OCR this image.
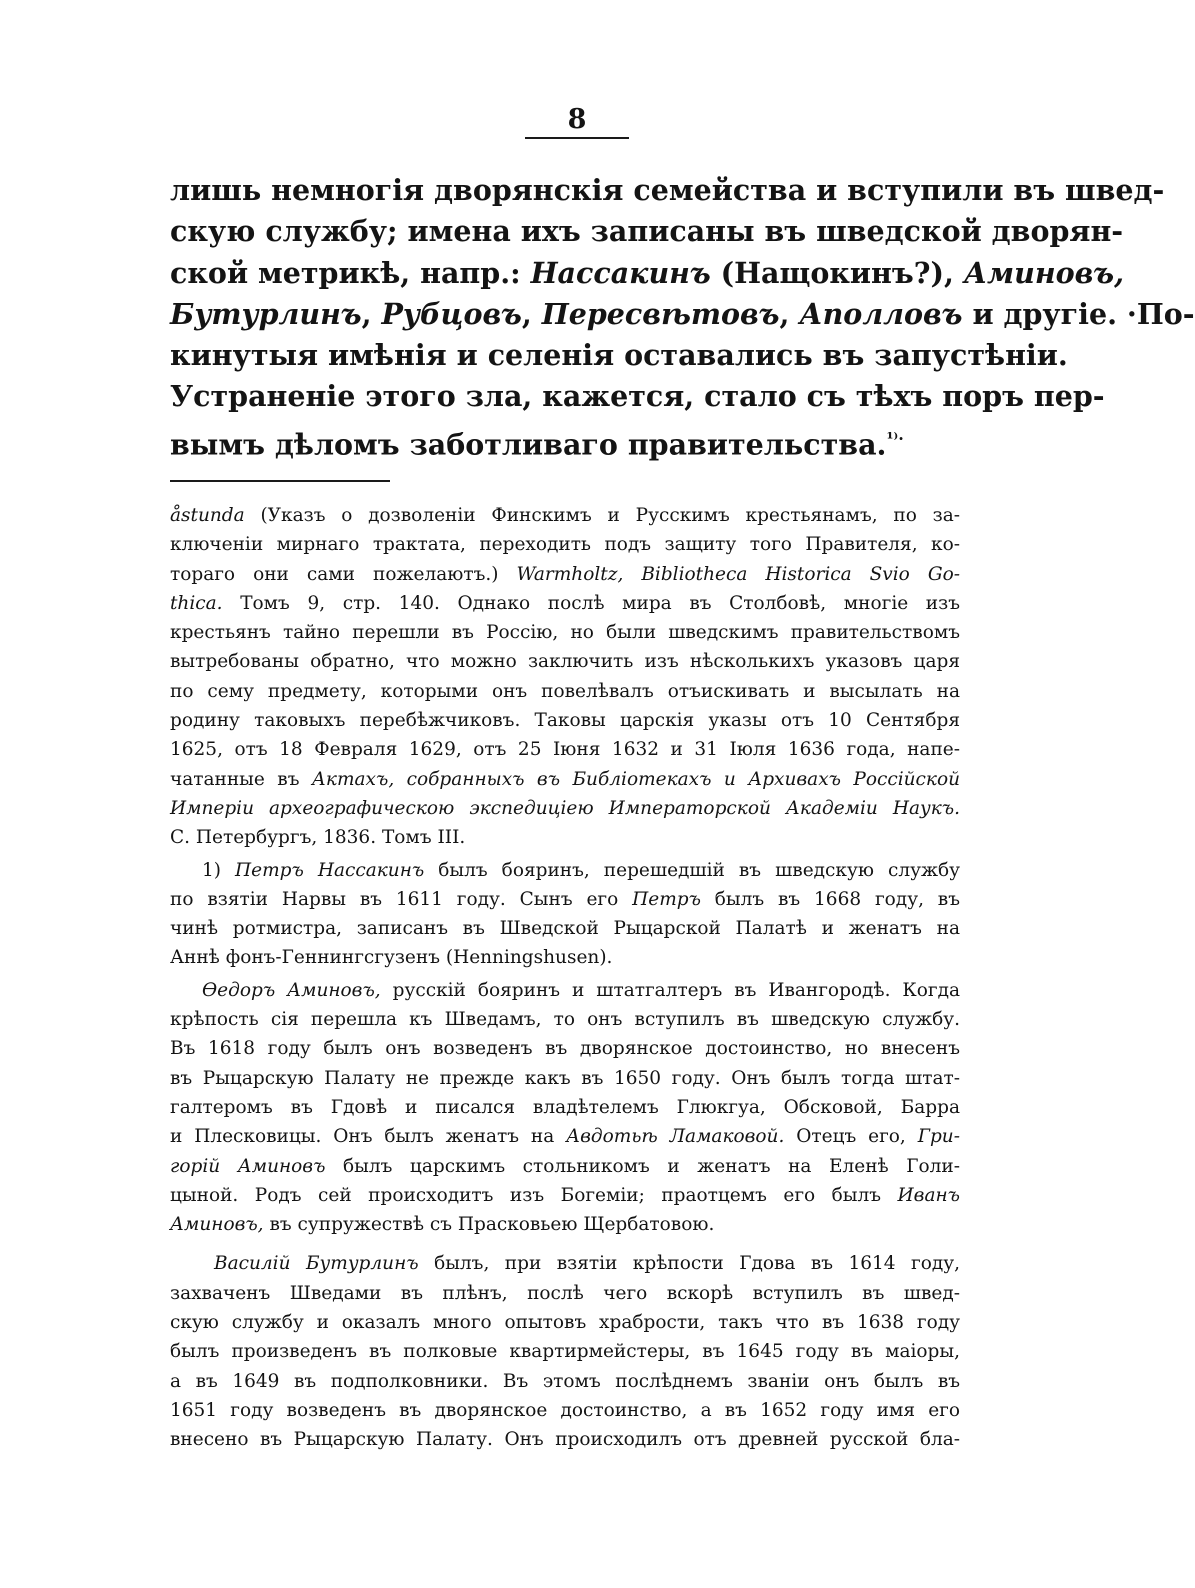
8
лишь немногія дворянскія семейства и вступили въ швед-
скую службу; имена ихъ записаны въ шведской дворян-
ской метрикѣ, напр.: Нассакинъ (Нащокинъ?), Аминовъ,
Бутурлинъ, Рубцовъ, Пересвѣтовъ, Аполловъ и другіе. ·По-
кинутыя имѣнія и селенія оставались въ запустѣніи.
Устраненіе этого зла, кажется, стало съ тѣхъ поръ пер-
вымъ дѣломъ заботливаго правительства.$^{^{1)}\cdot}$
åstunda (Указъ о дозволеніи Финскимъ и Русскимъ крестьянамъ, по за-
ключеніи мирнаго трактата, переходить подъ защиту того Правителя, ко-
тораго они сами пожелаютъ.) Warmholtz, Bibliotheca Historica Svio Go-
thica. Томъ 9, стр. 140. Однако послѣ мира въ Столбовѣ, многіе изъ
крестьянъ тайно перешли въ Россію, но были шведскимъ правительствомъ
вытребованы обратно, что можно заключить изъ нѣсколькихъ указовъ царя
по сему предмету, которыми онъ повелѣвалъ отъискивать и высылать на
родину таковыхъ перебѣжчиковъ. Таковы царскія указы отъ 10 Сентября
1625, отъ 18 Февраля 1629, отъ 25 Іюня 1632 и 31 Іюля 1636 года, напе-
чатанные въ Актахъ, собранныхъ въ Библіотекахъ и Архивахъ Россійской
Имперіи археографическою экспедиціею Императорской Академіи Наукъ.
С. Петербургъ, 1836. Томъ III.
1) Петръ Нассакинъ былъ бояринъ, перешедшій въ шведскую службу
по взятіи Нарвы въ 1611 году. Сынъ его Петръ былъ въ 1668 году, въ
чинѣ ротмистра, записанъ въ Шведской Рыцарской Палатѣ и женатъ на
Аннѣ фонъ-Геннингсгузенъ (Henningshusen).
Өедоръ Аминовъ, русскій бояринъ и штатгалтеръ въ Ивангородѣ. Когда
крѣпость сія перешла къ Шведамъ, то онъ вступилъ въ шведскую службу.
Въ 1618 году былъ онъ возведенъ въ дворянское достоинство, но внесенъ
въ Рыцарскую Палату не прежде какъ въ 1650 году. Онъ былъ тогда штат-
галтеромъ въ Гдовѣ и писался владѣтелемъ Глюкгуа, Обсковой, Барра
и Плесковицы. Онъ былъ женатъ на Авдотьѣ Ламаковой. Отецъ его, Гри-
горій Аминовъ былъ царскимъ стольникомъ и женатъ на Еленѣ Голи-
цыной. Родъ сей происходитъ изъ Богеміи; праотцемъ его былъ Иванъ
Аминовъ, въ супружествѣ съ Прасковьею Щербатовою.
Василій Бутурлинъ былъ, при взятіи крѣпости Гдова въ 1614 году,
захваченъ Шведами въ плѣнъ, послѣ чего вскорѣ вступилъ въ швед-
скую службу и оказалъ много опытовъ храбрости, такъ что въ 1638 году
былъ произведенъ въ полковые квартирмейстеры, въ 1645 году въ маіоры,
а въ 1649 въ подполковники. Въ этомъ послѣднемъ званіи онъ былъ въ
1651 году возведенъ въ дворянское достоинство, а въ 1652 году имя его
внесено въ Рыцарскую Палату. Онъ происходилъ отъ древней русской бла-
